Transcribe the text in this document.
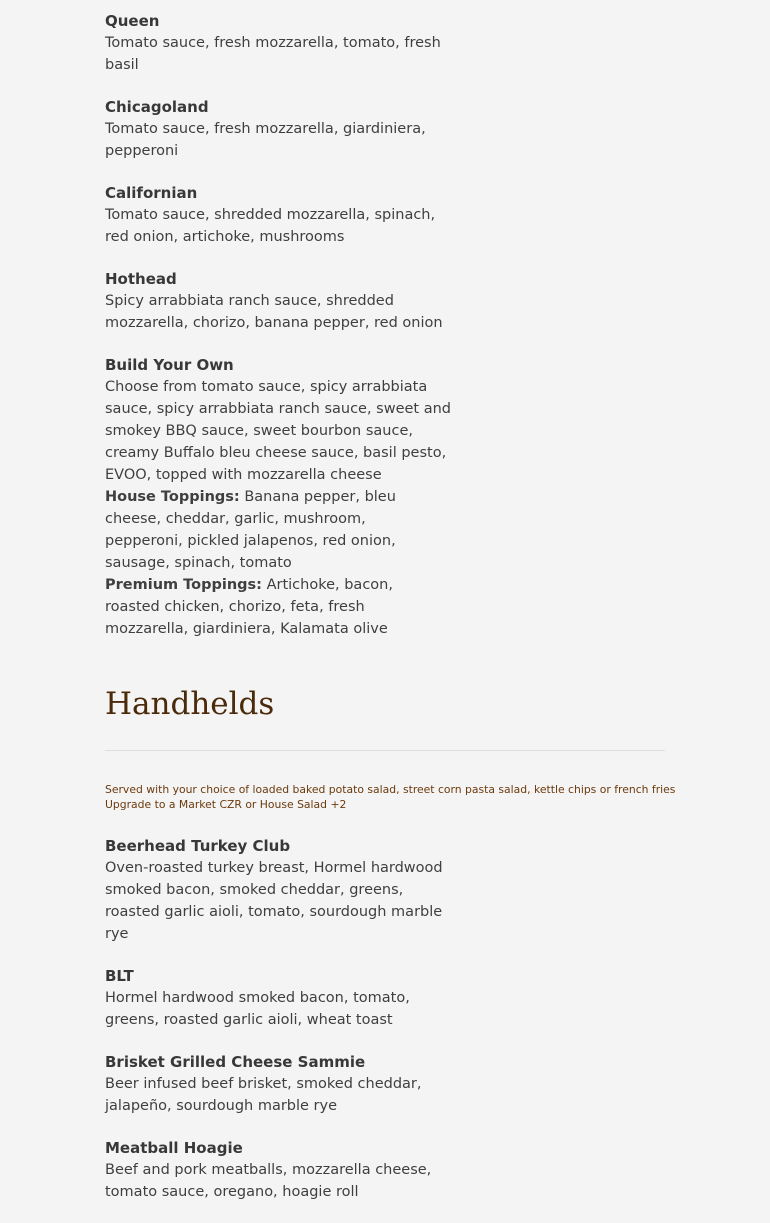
Queen
Tomato sauce, fresh mozzarella, tomato, fresh basil
Chicagoland
Tomato sauce, fresh mozzarella, giardiniera, pepperoni
Californian
Tomato sauce, shredded mozzarella, spinach, red onion, artichoke, mushrooms
Hothead
Spicy arrabbiata ranch sauce, shredded mozzarella, chorizo, banana pepper, red onion
Build Your Own
Choose from tomato sauce, spicy arrabbiata sauce, spicy arrabbiata ranch sauce, sweet and smokey BBQ sauce, sweet bourbon sauce, creamy Buffalo bleu cheese sauce, basil pesto, EVOO, topped with mozzarella cheese
House Toppings: Banana pepper, bleu cheese, cheddar, garlic, mushroom, pepperoni, pickled jalapenos, red onion, sausage, spinach, tomato
Premium Toppings: Artichoke, bacon, roasted chicken, chorizo, feta, fresh mozzarella, giardiniera, Kalamata olive
Handhelds
Served with your choice of loaded baked potato salad, street corn pasta salad, kettle chips or french fries
Upgrade to a Market CZR or House Salad +2
Beerhead Turkey Club
Oven-roasted turkey breast, Hormel hardwood smoked bacon, smoked cheddar, greens, roasted garlic aioli, tomato, sourdough marble rye
BLT
Hormel hardwood smoked bacon, tomato, greens, roasted garlic aioli, wheat toast
Brisket Grilled Cheese Sammie
Beer infused beef brisket, smoked cheddar, jalapeño, sourdough marble rye
Meatball Hoagie
Beef and pork meatballs, mozzarella cheese, tomato sauce, oregano, hoagie roll
